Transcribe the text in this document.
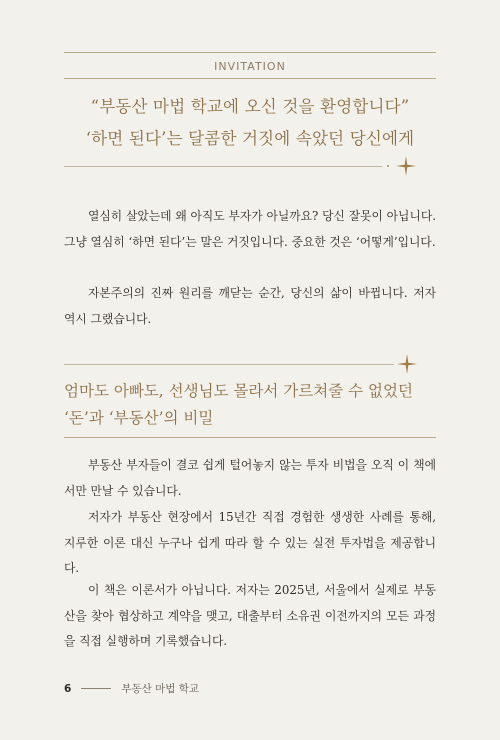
INVITATION
“부동산 마법 학교에 오신 것을 환영합니다”
‘하면 된다’는 달콤한 거짓에 속았던 당신에게

열심히 살았는데 왜 아직도 부자가 아닐까요? 당신 잘못이 아닙니다. 그냥 열심히 ‘하면 된다’는 말은 거짓입니다. 중요한 것은 ‘어떻게’입니다.

자본주의의 진짜 원리를 깨닫는 순간, 당신의 삶이 바뀝니다. 저자 역시 그랬습니다.

엄마도 아빠도, 선생님도 몰라서 가르쳐줄 수 없었던
‘돈’과 ‘부동산’의 비밀

부동산 부자들이 결코 쉽게 털어놓지 않는 투자 비법을 오직 이 책에서만 만날 수 있습니다.

저자가 부동산 현장에서 15년간 직접 경험한 생생한 사례를 통해, 지루한 이론 대신 누구나 쉽게 따라 할 수 있는 실전 투자법을 제공합니다.

이 책은 이론서가 아닙니다. 저자는 2025년, 서울에서 실제로 부동산을 찾아 협상하고 계약을 맺고, 대출부터 소유권 이전까지의 모든 과정을 직접 실행하며 기록했습니다.

6	부동산 마법 학교
